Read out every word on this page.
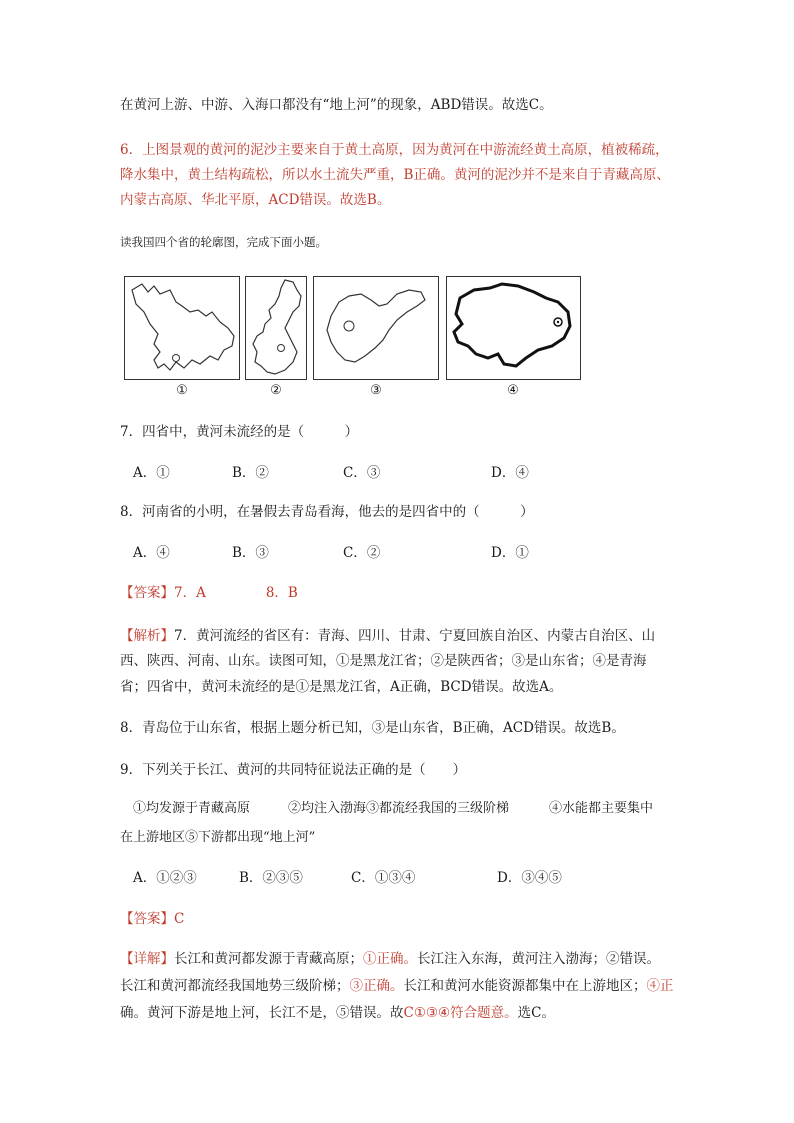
在黄河上游、中游、入海口都没有“地上河”的现象，ABD错误。故选C。
6．上图景观的黄河的泥沙主要来自于黄土高原，因为黄河在中游流经黄土高原，植被稀疏，
降水集中，黄土结构疏松，所以水土流失严重，B正确。黄河的泥沙并不是来自于青藏高原、
内蒙古高原、华北平原，ACD错误。故选B。
读我国四个省的轮廓图，完成下面小题。
①	②	③	④
7．四省中，黄河未流经的是（　　　）
A．①	B．②	C．③	D．④
8．河南省的小明，在暑假去青岛看海，他去的是四省中的（　　　）
A．④	B．③	C．②	D．①
【答案】7．A	8．B
【解析】7．黄河流经的省区有：青海、四川、甘肃、宁夏回族自治区、内蒙古自治区、山
西、陕西、河南、山东。读图可知，①是黑龙江省；②是陕西省；③是山东省；④是青海
省；四省中，黄河未流经的是①是黑龙江省，A正确，BCD错误。故选A。
8．青岛位于山东省，根据上题分析已知，③是山东省，B正确，ACD错误。故选B。
9．下列关于长江、黄河的共同特征说法正确的是（　　）
①均发源于青藏高原	②均注入渤海③都流经我国的三级阶梯	④水能都主要集中
在上游地区⑤下游都出现“地上河”
A．①②③	B．②③⑤	C．①③④	D．③④⑤
【答案】C
【详解】长江和黄河都发源于青藏高原；①正确。长江注入东海，黄河注入渤海；②错误。
长江和黄河都流经我国地势三级阶梯；③正确。长江和黄河水能资源都集中在上游地区；④正
确。黄河下游是地上河，长江不是，⑤错误。故C①③④符合题意。选C。
